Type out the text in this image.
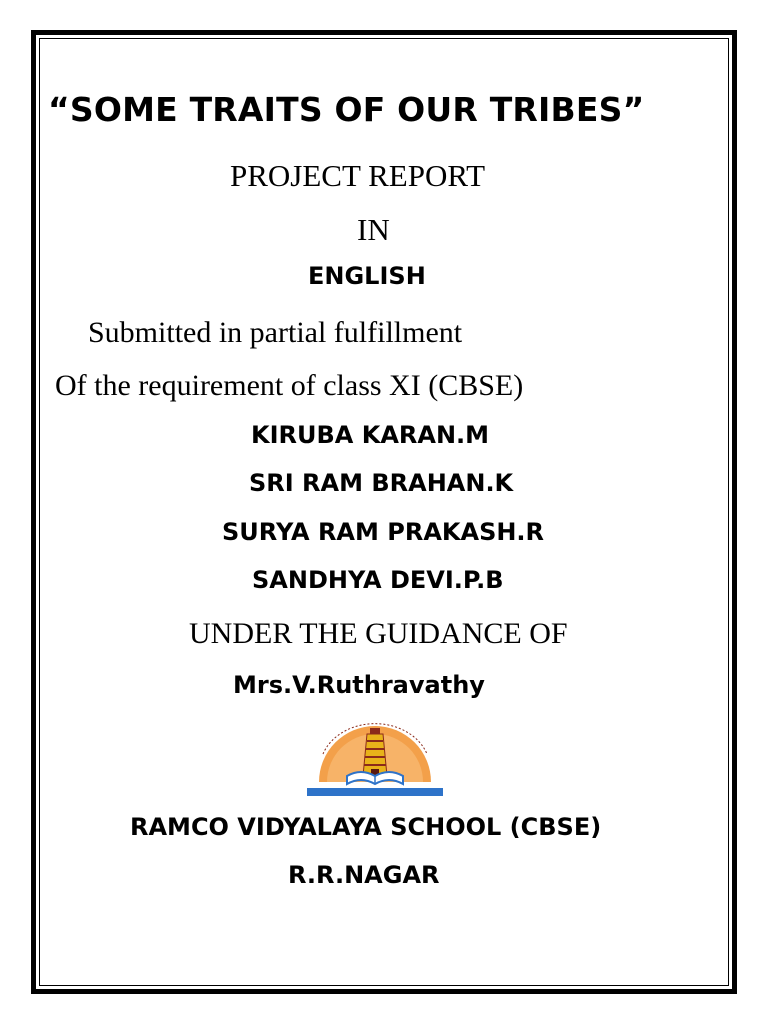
“SOME TRAITS OF OUR TRIBES”

PROJECT REPORT

IN

ENGLISH

Submitted in partial fulfillment

Of the requirement of class XI (CBSE)

KIRUBA KARAN.M

SRI RAM BRAHAN.K

SURYA RAM PRAKASH.R

SANDHYA DEVI.P.B

UNDER THE GUIDANCE OF

Mrs.V.Ruthravathy

RAMCO VIDYALAYA SCHOOL (CBSE)

R.R.NAGAR
